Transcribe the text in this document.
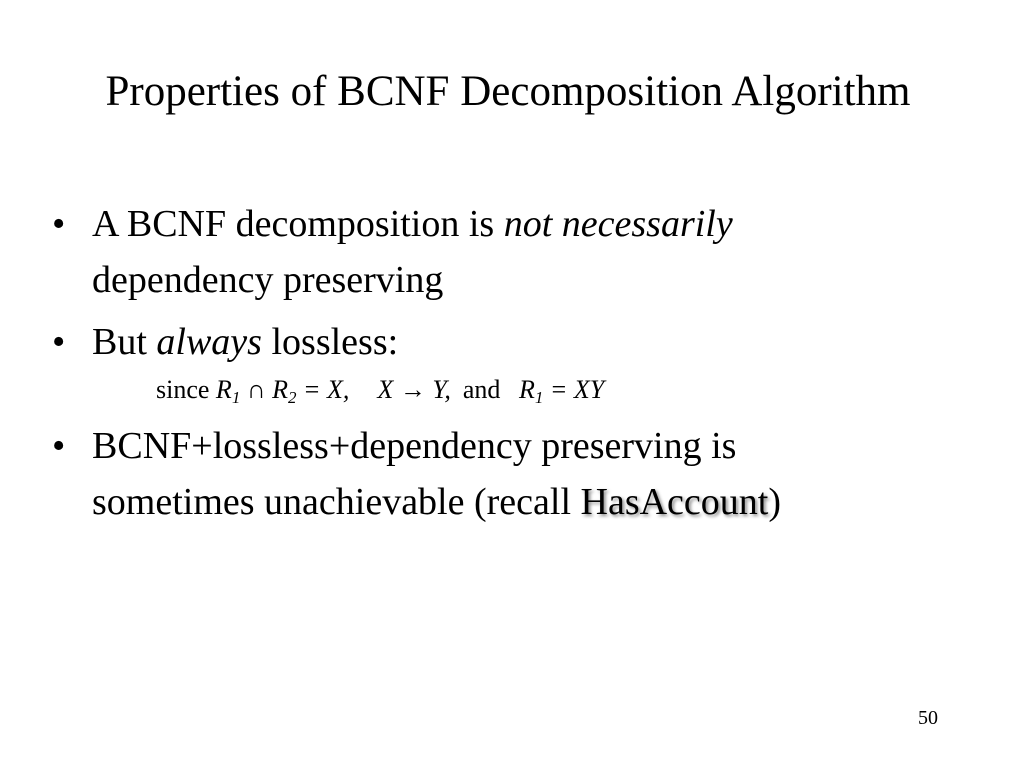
Properties of BCNF Decomposition Algorithm
• A BCNF decomposition is not necessarily
dependency preserving
• But always lossless:
since $R_1$ ∩ $R_2 = X$, X → Y, and $R_1$ = XY
• BCNF+lossless+dependency preserving is
sometimes unachievable (recall HasAccount)
50
